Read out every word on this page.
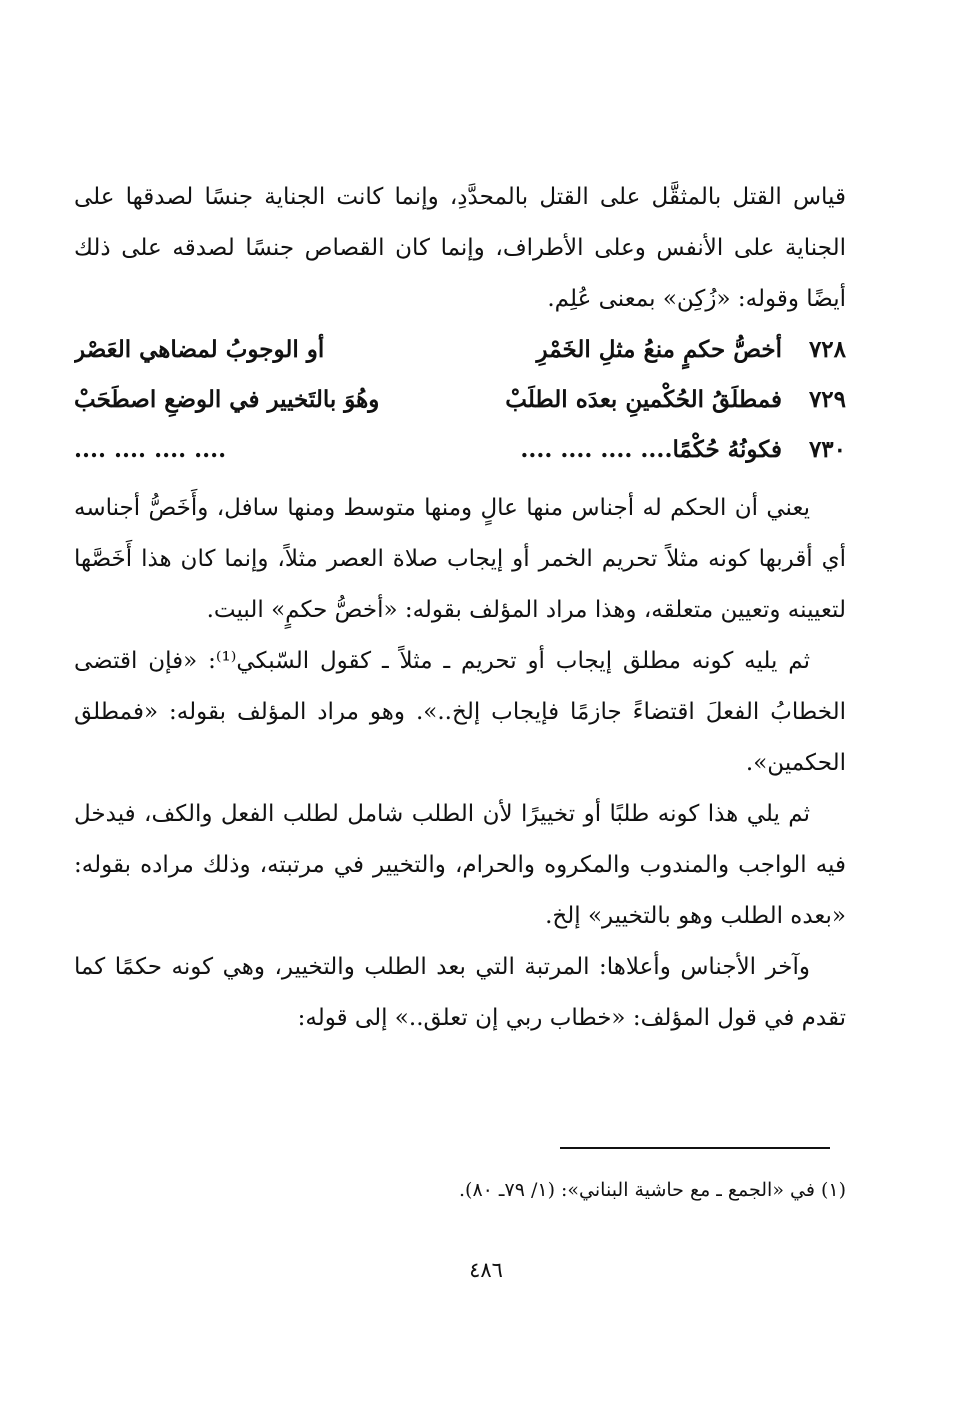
قياس القتل بالمثقَّل على القتل بالمحدَّدِ، وإنما كانت الجناية جنسًا لصدقها على الجناية على الأنفس وعلى الأطراف، وإنما كان القصاص جنسًا لصدقه على ذلك أيضًا وقوله: «زُكِن» بمعنى عُلِم.

٧٢٨
أخصُّ حكمٍ منعُ مثلِ الخَمْرِ
أو الوجوبُ لمضاهي العَصْر
٧٢٩
فمطلَقُ الحُكْمينِ بعدَه الطلَبْ
وهُوَ بالتَخيير في الوضعِ اصطَحَبْ
٧٣٠
فكونُهُ حُكْمًا.... .... .... ....
.... .... .... ....

يعني أن الحكم له أجناس منها عالٍ ومنها متوسط ومنها سافل، وأَخَصُّ أجناسه أي أقربها كونه مثلاً تحريم الخمر أو إيجاب صلاة العصر مثلاً، وإنما كان هذا أَخَصَّها لتعيينه وتعيين متعلقه، وهذا مراد المؤلف بقوله: «أخصُّ حكمٍ» البيت.

ثم يليه كونه مطلق إيجاب أو تحريم ـ مثلاً ـ كقول السّبكي⁽¹⁾: «فإن اقتضى الخطابُ الفعلَ اقتضاءً جازمًا فإيجاب إلخ..». وهو مراد المؤلف بقوله: «فمطلق الحكمين».

ثم يلي هذا كونه طلبًا أو تخييرًا لأن الطلب شامل لطلب الفعل والكف، فيدخل فيه الواجب والمندوب والمكروه والحرام، والتخيير في مرتبته، وذلك مراده بقوله: «بعده الطلب وهو بالتخيير» إلخ.

وآخر الأجناس وأعلاها: المرتبة التي بعد الطلب والتخيير، وهي كونه حكمًا كما تقدم في قول المؤلف: «خطاب ربي إن تعلق..» إلى قوله:

(١) في «الجمع ـ مع حاشية البناني»: (١/ ٧٩ـ ٨٠).
٤٨٦
